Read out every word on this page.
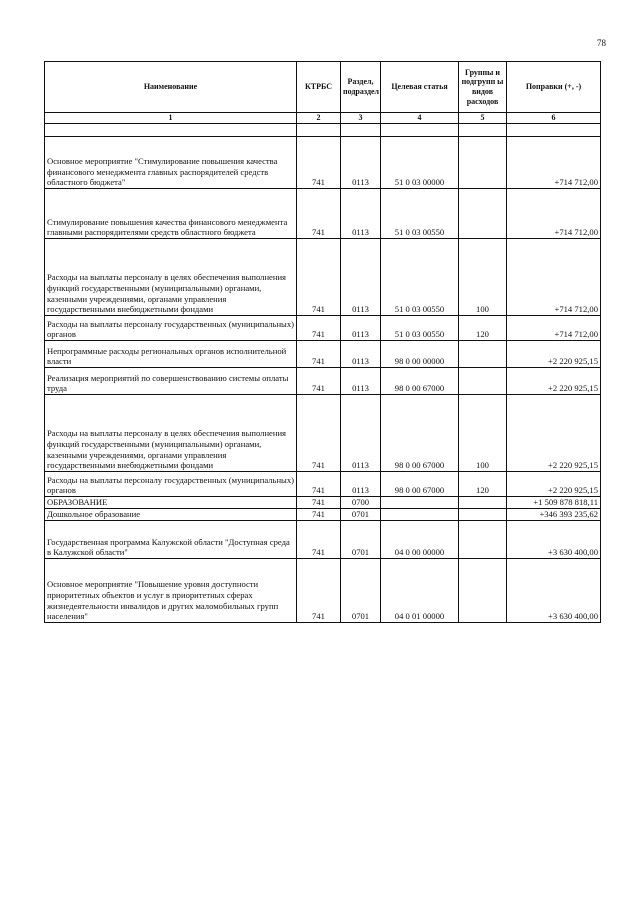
78
Наименование	КТРБС	Раздел, подраздел	Целевая статья	Группы и подгрупп ы видов расходов	Поправки (+, -)
1	2	3	4	5	6

Основное мероприятие "Стимулирование повышения качества финансового менеджмента главных распорядителей средств областного бюджета"	741	0113	51 0 03 00000		+714 712,00
Стимулирование повышения качества финансового менеджмента главными распорядителями средств областного бюджета	741	0113	51 0 03 00550		+714 712,00
Расходы на выплаты персоналу в целях обеспечения выполнения функций государственными (муниципальными) органами, казенными учреждениями, органами управления государственными внебюджетными фондами	741	0113	51 0 03 00550	100	+714 712,00
Расходы на выплаты персоналу государственных (муниципальных) органов	741	0113	51 0 03 00550	120	+714 712,00
Непрограммные расходы региональных органов исполнительной власти	741	0113	98 0 00 00000		+2 220 925,15
Реализация мероприятий по совершенствованию системы оплаты труда	741	0113	98 0 00 67000		+2 220 925,15
Расходы на выплаты персоналу в целях обеспечения выполнения функций государственными (муниципальными) органами, казенными учреждениями, органами управления государственными внебюджетными фондами	741	0113	98 0 00 67000	100	+2 220 925,15
Расходы на выплаты персоналу государственных (муниципальных) органов	741	0113	98 0 00 67000	120	+2 220 925,15
ОБРАЗОВАНИЕ	741	0700			+1 509 878 818,11
Дошкольное образование	741	0701			+346 393 235,62
Государственная программа Калужской области "Доступная среда в Калужской области"	741	0701	04 0 00 00000		+3 630 400,00
Основное мероприятие "Повышение уровня доступности приоритетных объектов и услуг в приоритетных сферах жизнедеятельности инвалидов и других маломобильных групп населения"	741	0701	04 0 01 00000		+3 630 400,00
